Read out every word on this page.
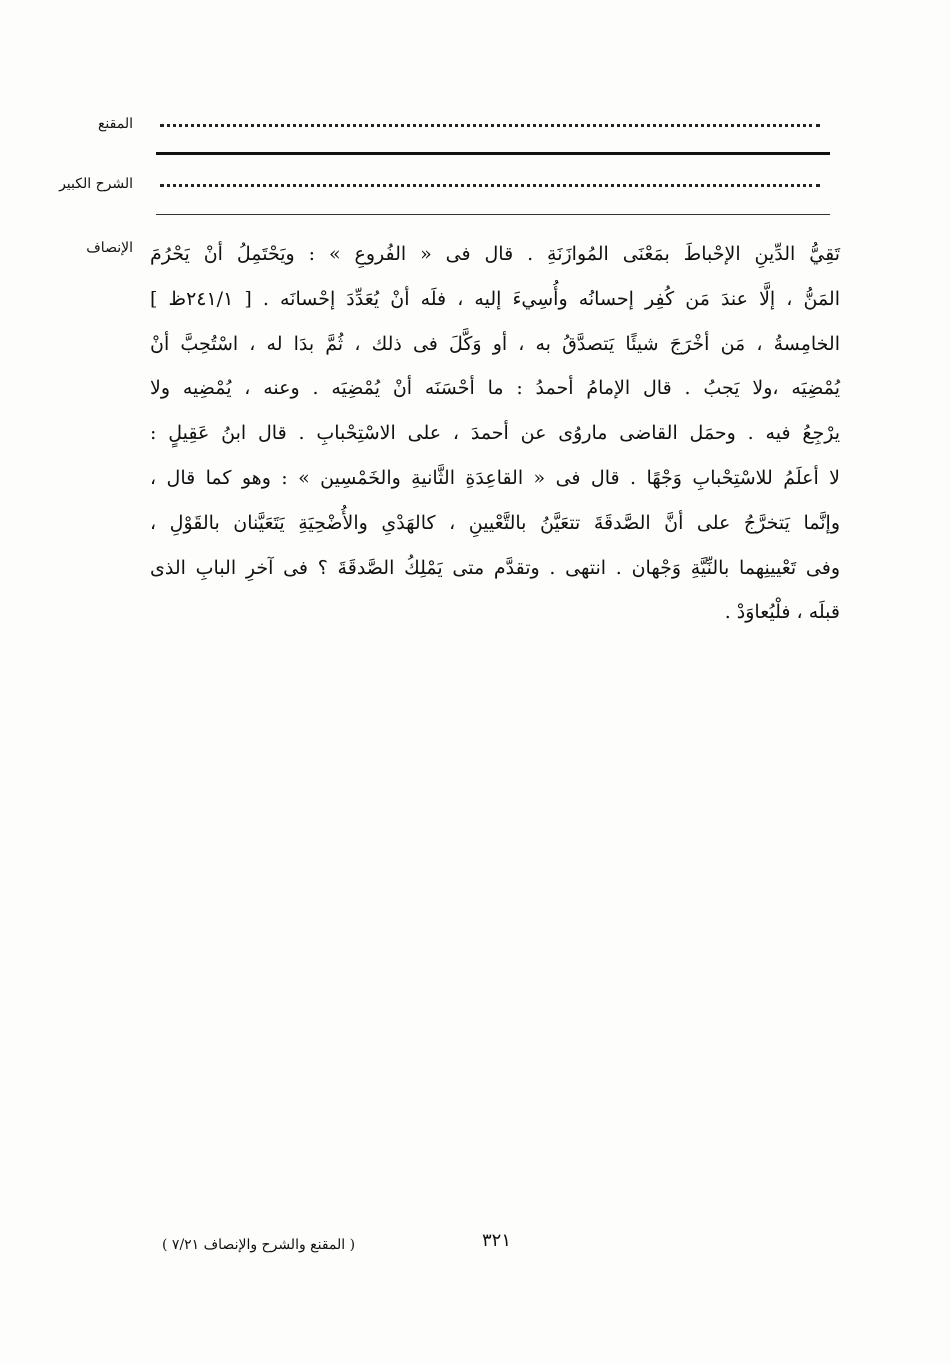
المقنع
الشرح الكبير
الإنصاف تَقِيُّ الدِّينِ الإحْباطَ بمَعْنَى المُوازَنَةِ . قال فى « الفُروعِ » : ويَحْتَمِلُ أنْ يَحْرُمَ
المَنُّ ، إلَّا عندَ مَن كُفِر إحسانُه وأُسِيءَ إليه ، فلَه أنْ يُعَدِّدَ إحْسانَه . [ ٢٤١/١ظ ]
الخامِسةُ ، مَن أخْرَجَ شيئًا يَتصدَّقُ به ، أو وَكَّلَ فى ذلك ، ثُمَّ بدَا له ، اسْتُحِبَّ أنْ
يُمْضِيَه ،ولا يَجبُ . قال الإمامُ أحمدُ : ما أحْسَنَه أنْ يُمْضِيَه . وعنه ، يُمْضِيه ولا
يرْجِعُ فيه . وحمَل القاضى ماروُى عن أحمدَ ، على الاسْتِحْبابِ . قال ابنُ عَقِيلٍ :
لا أعلَمُ للاسْتِحْبابِ وَجْهًا . قال فى « القاعِدَةِ الثَّانيةِ والخَمْسِين » : وهو كما قال ،
وإنَّما يَتخرَّجُ على أنَّ الصَّدقَةَ تتعَيَّنُ بالتَّعْيينِ ، كالهَدْىِ والأُضْحِيَةِ يَتَعَيَّنان بالقَوْلِ ،
وفى تَعْيينِهما بالنِّيَّةِ وَجْهان . انتهى . وتقدَّم متى يَمْلِكُ الصَّدقَةَ ؟ فى آخرِ البابِ الذى
قبلَه ، فلْيُعاوَدْ .
٣٢١
( المقنع والشرح والإنصاف ٧/٢١ )
